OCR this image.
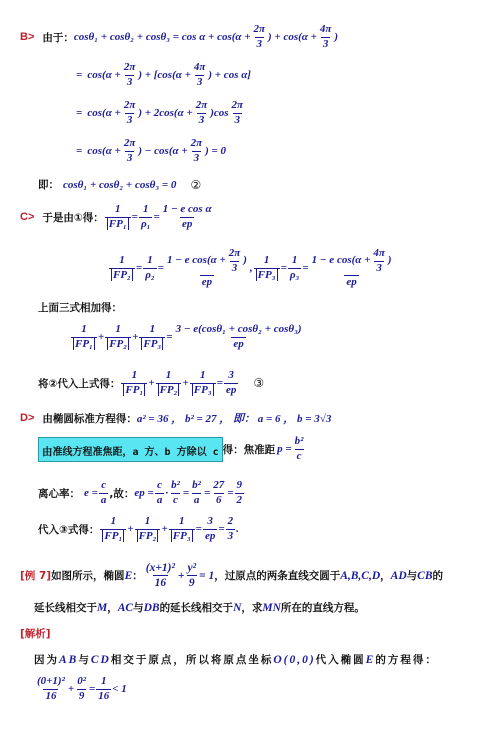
B> 由于： $\cos\theta_1 + \cos\theta_2 + \cos\theta_3 = \cos \alpha + \cos(\alpha + \frac{2\pi}{3}$ ) + $\cos(\alpha + \frac{4\pi}{3}$ )
=
$\cos(\alpha + \frac{2\pi}{3}$ ) + [$\cos(\alpha + \frac{4\pi}{3}$ ) + cos α]
=
$\cos(\alpha + \frac{2\pi}{3}$ ) + $2\cos(\alpha + \frac{2\pi}{3} )\cos \frac{2\pi}{3}$
=
$\cos(\alpha + \frac{2\pi}{3}$ ) − $\cos(\alpha + \frac{2\pi}{3}$ ) = 0
即： cosθ₁ + cosθ₂ + cosθ₃ = 0 ②
C> 于是由①得： $\frac{1}{\text{FP₁}} = \frac{1}{\text{ρ₁}} = \frac{\text{1 − e cos α}}{ep}$
$\frac{1}{\text{FP₂}} = \frac{1}{\text{ρ₂}} = \frac{1 - e \cos(\alpha + \frac{2\pi}{3} )}{ep}$ , $\frac{1}{\text{FP₃}} = \frac{1}{\text{ρ₃}} = \frac{1 - e \cos(\alpha + \frac{4\pi}{3} )}{ep}$
上面三式相加得：
$\frac{1}{\text{FP₁}} + \frac{1}{\text{FP₂}} + \frac{1}{\text{FP₃}} = \frac{\text{3 − e(cosθ₁ + cosθ₂ + cosθ₃)}}{ep}$
将②代入上式得： $\frac{1}{\text{FP₁}} + \frac{1}{\text{FP₂}} + \frac{1}{\text{FP₃}} = \frac{3}{ep}$ ③
D> 由椭圆标准方程得： a² = 36 ， b² = 27 ， 即： a = 6 ， b = 3√3
由准线方程准焦距，a 方、b 方除以 c 得：焦准距 $p = \frac{\text{b²}}{c}$
离心率： $e = \frac{c}{a}$ ,故： ep = $\frac{c}{a} \cdot \frac{\text{b²}}{c} = \frac{\text{b²}}{a} = \frac{27}{6} = \frac{9}{2}$
代入③式得： $\frac{1}{\text{FP₁}} + \frac{1}{\text{FP₂}} + \frac{1}{\text{FP₃}} = \frac{3}{ep} = \frac{2}{3}$ .
[例 7] 如图所示，椭圆 E ： $\frac{\text{(x+1)²}}{16} + \frac{\text{y²}}{9} = 1$ ，过原点的两条直线交圆于 A,B,C,D ， AD 与 CB 的
延长线相交于 M ， AC 与 DB 的延长线相交于 N ，求 MN 所在的直线方程。
[解析]
因为 AB 与 CD 相交于原点，所以将原点坐标 O(0,0) 代入椭圆 E 的方程得：
$\frac{\text{(0+1)²}}{16} + \frac{\text{0²}}{9} = \frac{1}{16} < 1$
